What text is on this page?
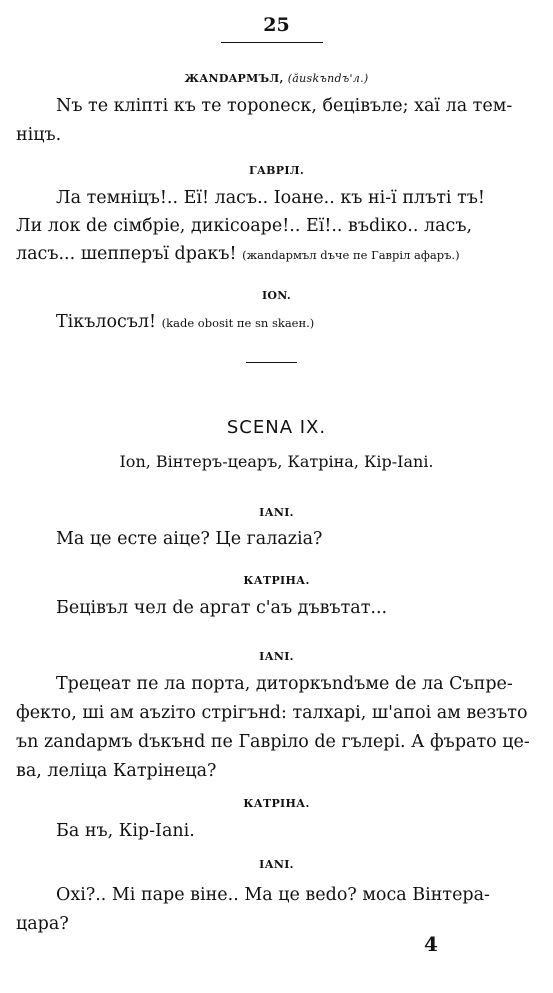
25
ЖАNDAPMЪЛ, (ăuskъndъ'л.)
Nъ те клiпті къ те тороnеск, бецiвъле; хаї ла тем-
нiцъ.
ГАВРIЛ.
Ла темнiцъ!.. Еї! ласъ.. Ioaне.. къ ні-ї плъті тъ!
Ли лок de ciмбріе, дикicoape!.. Еї!.. въdiко.. ласъ,
ласъ... шепперъї dракъ! (жаndapмъл dъче пе Гаврiл афаръ.)
ION.
Тiкълосъл! (kade obosit пе sn skaен.)
SCENA IX.
Ion, Вiнтеръ-цеаръ, Катрiна, Кiр-Iаnі.
IАNI.
Ма це есте аiце? Це галаziа?
КАТРIНА.
Бецiвъл чел de аргат с'аъ дъвътат...
IАNI.
Трецеат пе ла порта, диторкъndъме dе ла Съпре-
фекто, ші ам аъziто стрігънd: талхарі, ш'апоі ам везъто
ъn zandapмъ dъкънd пе Гаврiло de гълерi. А фърато це-
ва, лелiца Катрiнеца?
КАТРIНА.
Ба нъ, Кiр-Iаni.
IАNI.
Охi?.. Мі паре віне.. Ма це веdо? моса Вінтера-
цара?
4
